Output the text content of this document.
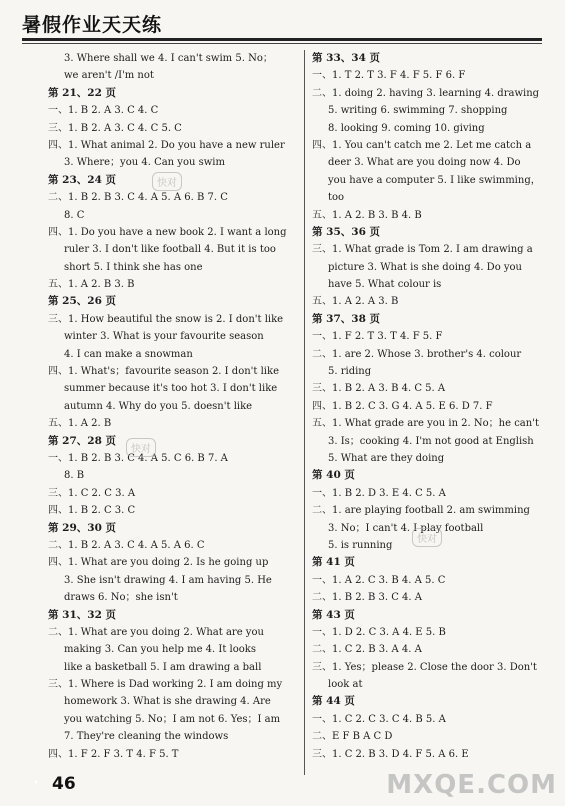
暑假作业天天练
3. Where shall we 4. I can't swim 5. No；
we aren't /I'm not
第 21、22 页
一、1. B 2. A 3. C 4. C
三、1. B 2. A 3. C 4. C 5. C
四、1. What animal 2. Do you have a new ruler
3. Where；you 4. Can you swim
第 23、24 页
二、1. B 2. B 3. C 4. A 5. A 6. B 7. C
8. C
四、1. Do you have a new book 2. I want a long
ruler 3. I don't like football 4. But it is too
short 5. I think she has one
五、1. A 2. B 3. B
第 25、26 页
三、1. How beautiful the snow is 2. I don't like
winter 3. What is your favourite season
4. I can make a snowman
四、1. What's；favourite season 2. I don't like
summer because it's too hot 3. I don't like
autumn 4. Why do you 5. doesn't like
五、1. A 2. B
第 27、28 页
一、1. B 2. B 3. C 4. A 5. C 6. B 7. A
8. B
三、1. C 2. C 3. A
四、1. B 2. C 3. C
第 29、30 页
二、1. B 2. A 3. C 4. A 5. A 6. C
四、1. What are you doing 2. Is he going up
3. She isn't drawing 4. I am having 5. He
draws 6. No；she isn't
第 31、32 页
二、1. What are you doing 2. What are you
making 3. Can you help me 4. It looks
like a basketball 5. I am drawing a ball
三、1. Where is Dad working 2. I am doing my
homework 3. What is she drawing 4. Are
you watching 5. No；I am not 6. Yes；I am
7. They're cleaning the windows
四、1. F 2. F 3. T 4. F 5. T
第 33、34 页
一、1. T 2. T 3. F 4. F 5. F 6. F
二、1. doing 2. having 3. learning 4. drawing
5. writing 6. swimming 7. shopping
8. looking 9. coming 10. giving
四、1. You can't catch me 2. Let me catch a
deer 3. What are you doing now 4. Do
you have a computer 5. I like swimming，
too
五、1. A 2. B 3. B 4. B
第 35、36 页
三、1. What grade is Tom 2. I am drawing a
picture 3. What is she doing 4. Do you
have 5. What colour is
五、1. A 2. A 3. B
第 37、38 页
一、1. F 2. T 3. T 4. F 5. F
二、1. are 2. Whose 3. brother's 4. colour
5. riding
三、1. B 2. A 3. B 4. C 5. A
四、1. B 2. C 3. G 4. A 5. E 6. D 7. F
五、1. What grade are you in 2. No；he can't
3. Is；cooking 4. I'm not good at English
5. What are they doing
第 40 页
一、1. B 2. D 3. E 4. C 5. A
二、1. are playing football 2. am swimming
3. No；I can't 4. I play football
5. is running
第 41 页
一、1. A 2. C 3. B 4. A 5. C
二、1. B 2. B 3. C 4. A
第 43 页
一、1. D 2. C 3. A 4. E 5. B
二、1. C 2. B 3. A 4. A
三、1. Yes；please 2. Close the door 3. Don't
look at
第 44 页
一、1. C 2. C 3. C 4. B 5. A
二、E F B A C D
三、1. C 2. B 3. D 4. F 5. A 6. E
快对
快对
快对
46	MXQE.COM
